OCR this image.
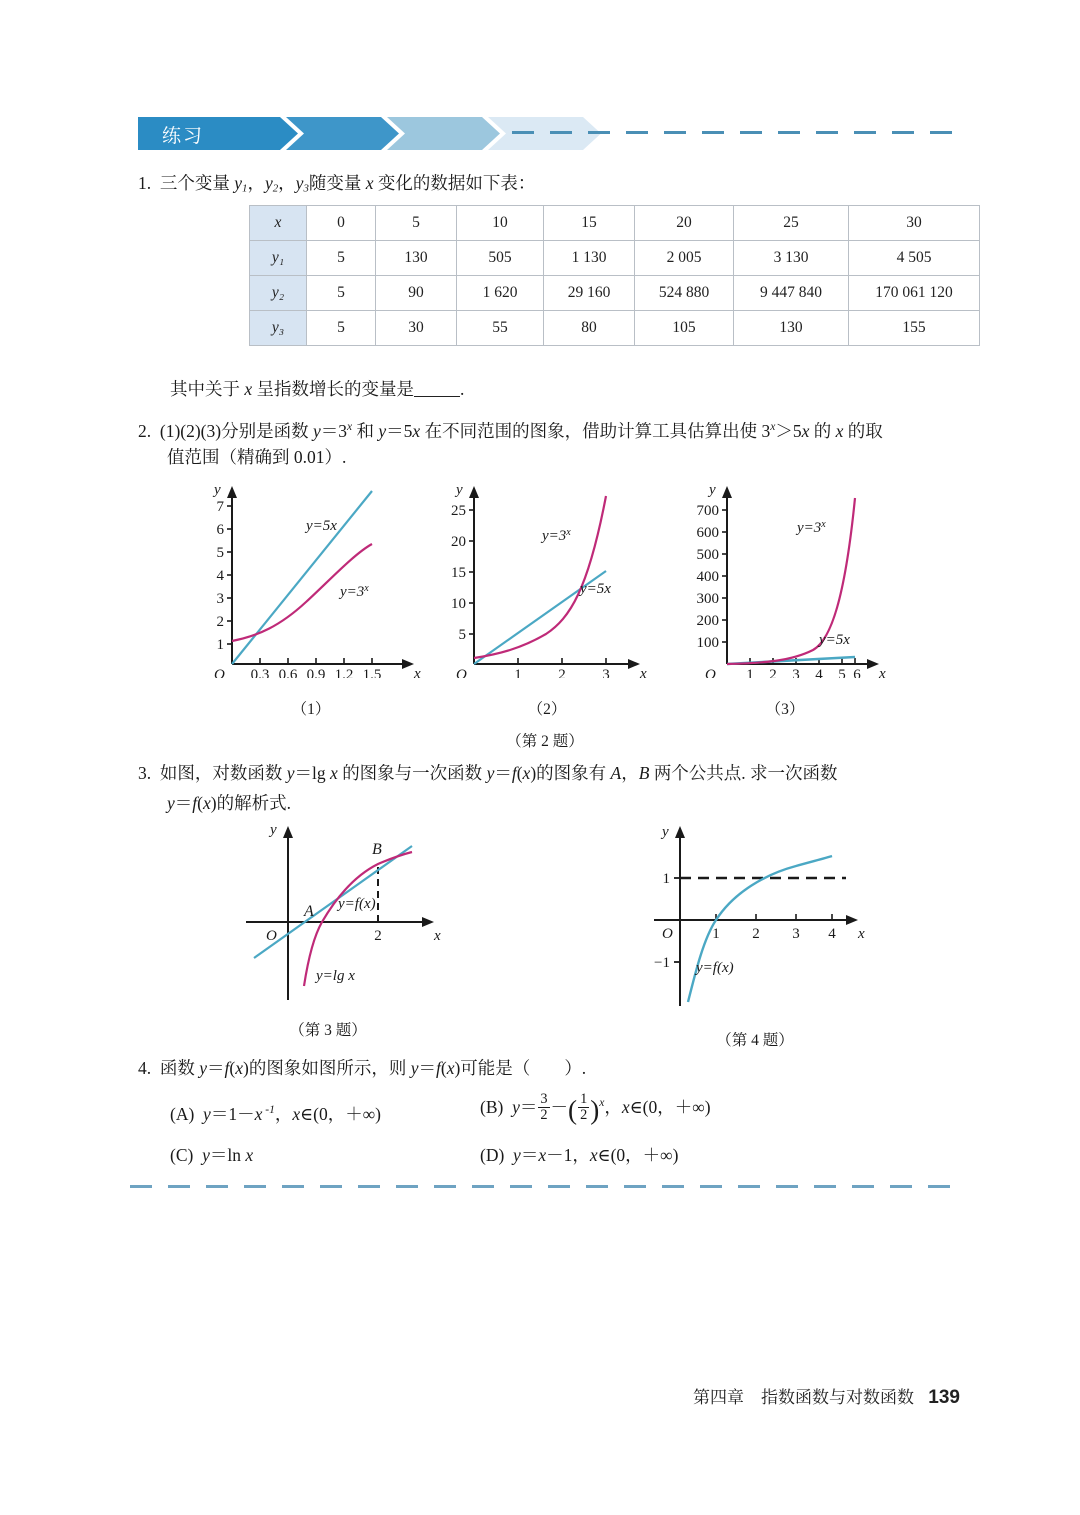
练习
1.  三个变量 $y_1$，$y_2$，$y_3$随变量 x 变化的数据如下表：
x	0	5	10	15	20	25	30
y₁	5	130	505	1 130	2 005	3 130	4 505
y₂	5	90	1 620	29 160	524 880	9 447 840	170 061 120
y₃	5	30	55	80	105	130	155
其中关于 x 呈指数增长的变量是	.
2.  (1)(2)(3)分别是函数 $y=3^x$ 和 y＝5x 在不同范围的图象，借助计算工具估算出使 $3^x>5x$ 的 x 的取
值范围（精确到 0.01）.
y
x
O
1
2
3
4
5
6
7
0.3 0.6 0.9 1.2 1.5
y=5x
$y=3^x$
（1）
y
x
O
5
10
15
20
25
1 2 3
$y=3^x$
y=5x
（2）
y
x
O
100
200
300
400
500
600
700
1 2 3 4 5 6
$y=3^x$
y=5x
（3）
（第 2 题）
3.  如图，对数函数 y＝lg x 的图象与一次函数 y＝f(x)的图象有 A，B 两个公共点. 求一次函数
y＝f(x)的解析式.
y
x
O	2
A
B
y=f(x)
y=lg x
（第 3 题）
y
x
O
1
−1
1 2 3 4
y=f(x)
（第 4 题）
4.  函数 y＝f(x)的图象如图所示，则 y＝f(x)可能是（ ）.
(A) y＝1－x $^{-1}$，x∈(0，＋∞)	(B) $y= \frac{3}{2}$ －( $\frac{1}{2} )^x$，x∈(0，＋∞)
(C) y＝ln x	(D) y＝x－1，x∈(0，＋∞)
第四章　指数函数与对数函数 139
